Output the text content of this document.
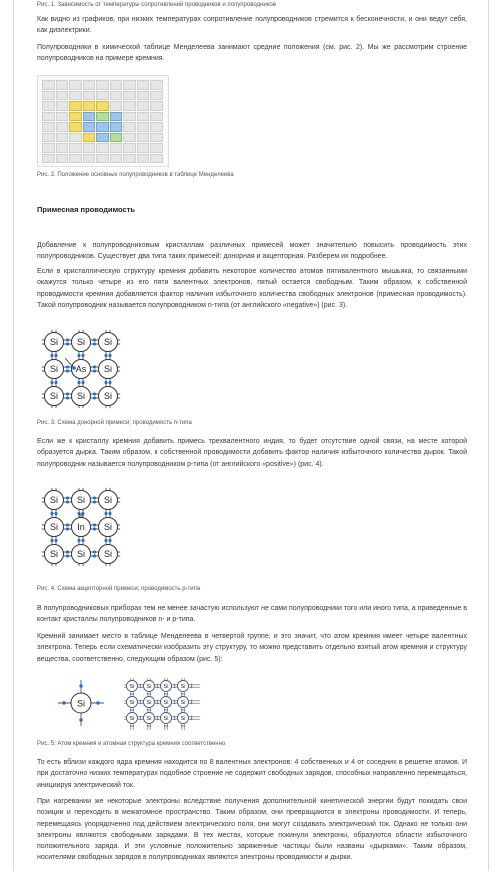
Рис. 1. Зависимость от температуры сопротивлений проводников и полупроводников

Как видно из графиков, при низких температурах сопротивление полупроводников стремится к бесконечности, и они ведут себя, как диэлектрики.

Полупроводники в химической таблице Менделеева занимают средние положения (см. рис. 2). Мы же рассмотрим строение полупроводников на примере кремния.

Рис. 2. Положение основных полупроводников в таблице Менделеева

Примесная проводимость

Добавление к полупроводниковым кристаллам различных примесей может значительно повысить проводимость этих полупроводников. Существует два типа таких примесей: донорная и акцепторная. Разберем их подробнее.

Если в кристаллическую структуру кремния добавить некоторое количество атомов пятивалентного мышьяка, то связанными окажутся только четыре из его пяти валентных электронов, пятый остается свободным. Таким образом, к собственной проводимости кремния добавляется фактор наличия избыточного количества свободных электронов (примесная проводимость). Такой полупроводник называется полупроводником n-типа (от английского «negative») (рис. 3).

Si Si Si
Si As Si
Si Si Si

Рис. 3. Схема донорной примеси; проводимость n-типа

Если же к кристаллу кремния добавить примесь трехвалентного индия, то будет отсутствие одной связи, на месте которой образуется дырка. Таким образом, к собственной проводимости добавить фактор наличия избыточного количества дырок. Такой полупроводник называется полупроводником p-типа (от английского «positive») (рис. 4).

Si Si Si
Si In Si
Si Si Si
⊕

Рис. 4. Схема акцепторной примеси; проводимость p-типа

В полупроводниковых приборах тем не менее зачастую используют не сами полупроводники того или иного типа, а приведенные в контакт кристаллы полупроводников n- и p-типа.

Кремний занимает место в таблице Менделеева в четвертой группе, и это значит, что атом кремния имеет четыре валентных электрона. Теперь если схематически изобразить эту структуру, то можно представить отдельно взятый атом кремния и структуру вещества, соответственно, следующим образом (рис. 5):

Si
Si Si Si Si
Si Si Si Si
Si Si Si Si

Рис. 5. Атом кремния и атомная структура кремния соответственно

То есть вблизи каждого ядра кремния находится по 8 валентных электронов: 4 собственных и 4 от соседних в решетке атомов. И при достаточно низких температурах подобное строение не содержит свободных зарядов, способных направленно перемещаться, инициируя электрический ток.

При нагревании же некоторые электроны вследствие получения дополнительной кинетической энергии будут покидать свои позиции и переходить в межатомное пространство. Таким образом, они превращаются в электроны проводимости. И теперь, перемещаясь упорядоченно под действием электрического поля, они могут создавать электрический ток. Однако не только они электроны являются свободными зарядами. В тех местах, которые покинули электроны, образуются области избыточного положительного заряда. И эти условные положительно заряженные частицы были названы «дырками». Таким образом, носителями свободных зарядов в полупроводниках являются электроны проводимости и дырки.
